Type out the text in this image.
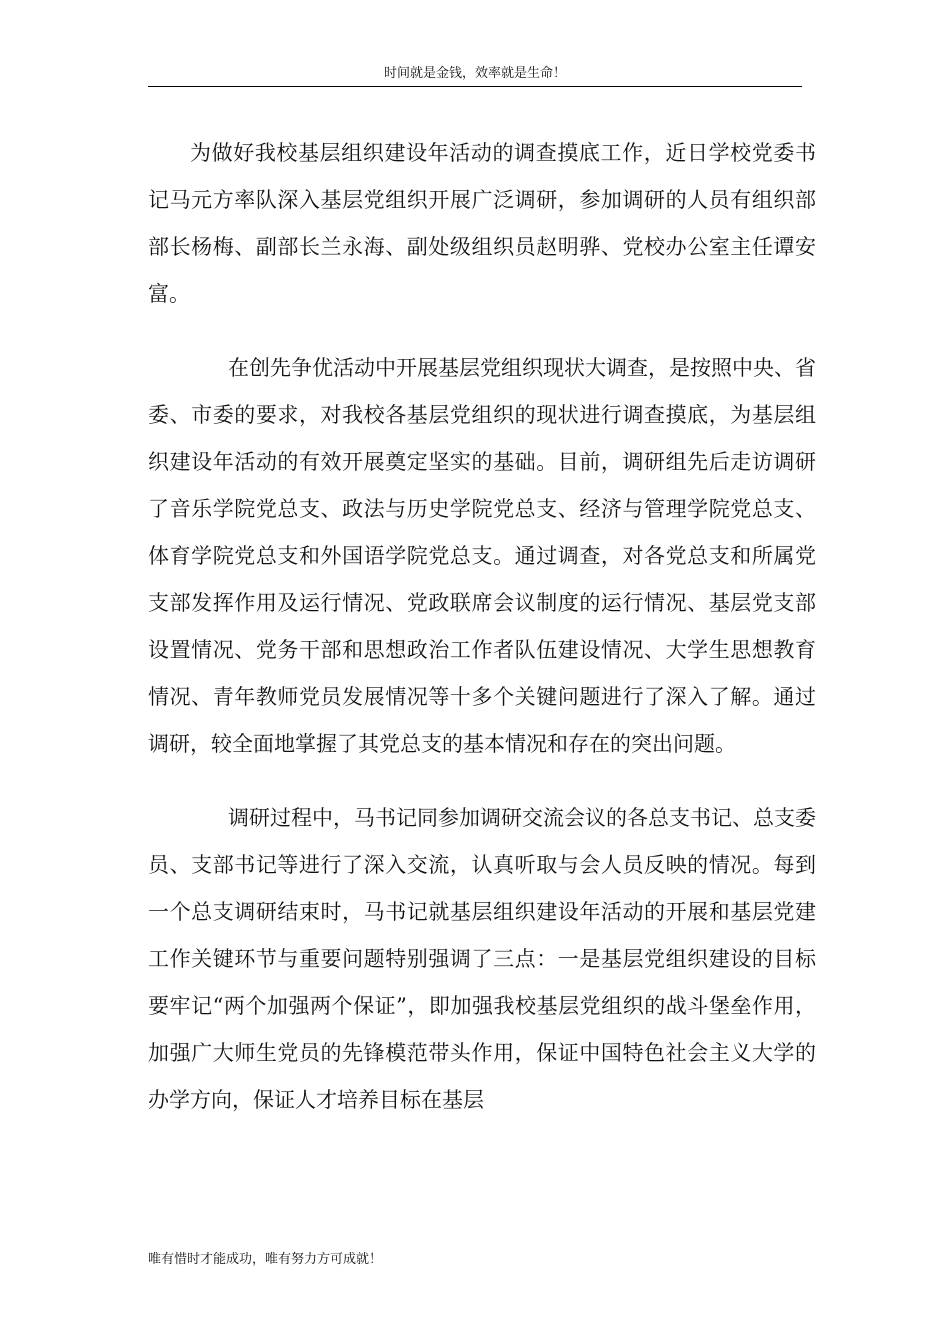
时间就是金钱，效率就是生命！

为做好我校基层组织建设年活动的调查摸底工作，近日学校党委书记马元方率队深入基层党组织开展广泛调研，参加调研的人员有组织部部长杨梅、副部长兰永海、副处级组织员赵明骅、党校办公室主任谭安富。

在创先争优活动中开展基层党组织现状大调查，是按照中央、省委、市委的要求，对我校各基层党组织的现状进行调查摸底，为基层组织建设年活动的有效开展奠定坚实的基础。目前，调研组先后走访调研了音乐学院党总支、政法与历史学院党总支、经济与管理学院党总支、体育学院党总支和外国语学院党总支。通过调查，对各党总支和所属党支部发挥作用及运行情况、党政联席会议制度的运行情况、基层党支部设置情况、党务干部和思想政治工作者队伍建设情况、大学生思想教育情况、青年教师党员发展情况等十多个关键问题进行了深入了解。通过调研，较全面地掌握了其党总支的基本情况和存在的突出问题。

调研过程中，马书记同参加调研交流会议的各总支书记、总支委员、支部书记等进行了深入交流，认真听取与会人员反映的情况。每到一个总支调研结束时，马书记就基层组织建设年活动的开展和基层党建工作关键环节与重要问题特别强调了三点：一是基层党组织建设的目标要牢记“两个加强两个保证”，即加强我校基层党组织的战斗堡垒作用，加强广大师生党员的先锋模范带头作用，保证中国特色社会主义大学的办学方向，保证人才培养目标在基层

唯有惜时才能成功，唯有努力方可成就！
